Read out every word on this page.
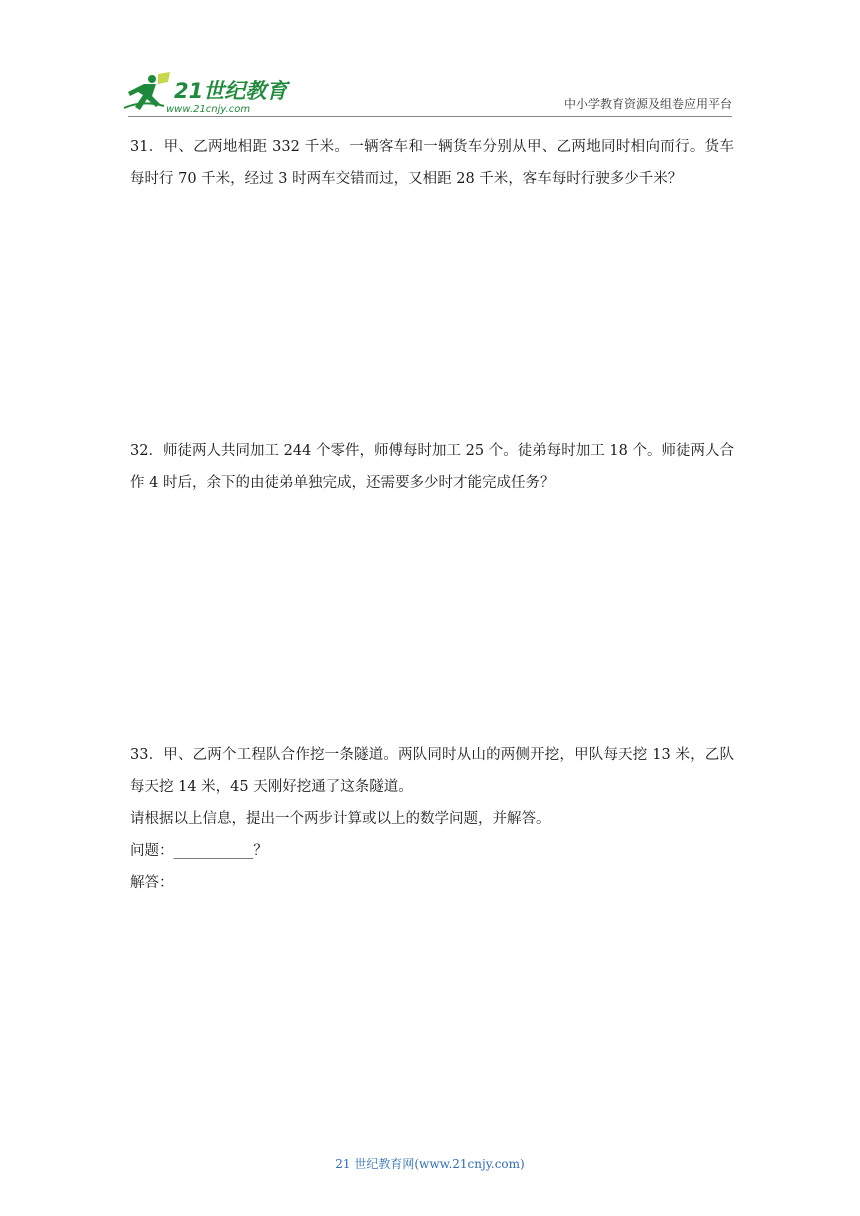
21世纪教育
www.21cnjy.com	中小学教育资源及组卷应用平台

31．甲、乙两地相距 332 千米。一辆客车和一辆货车分别从甲、乙两地同时相向而行。货车每时行 70 千米，经过 3 时两车交错而过，又相距 28 千米，客车每时行驶多少千米？

32．师徒两人共同加工 244 个零件，师傅每时加工 25 个。徒弟每时加工 18 个。师徒两人合作 4 时后，余下的由徒弟单独完成，还需要多少时才能完成任务？

33．甲、乙两个工程队合作挖一条隧道。两队同时从山的两侧开挖，甲队每天挖 13 米，乙队每天挖 14 米，45 天刚好挖通了这条隧道。

请根据以上信息，提出一个两步计算或以上的数学问题，并解答。

问题：___________？

解答：

21 世纪教育网(www.21cnjy.com)
